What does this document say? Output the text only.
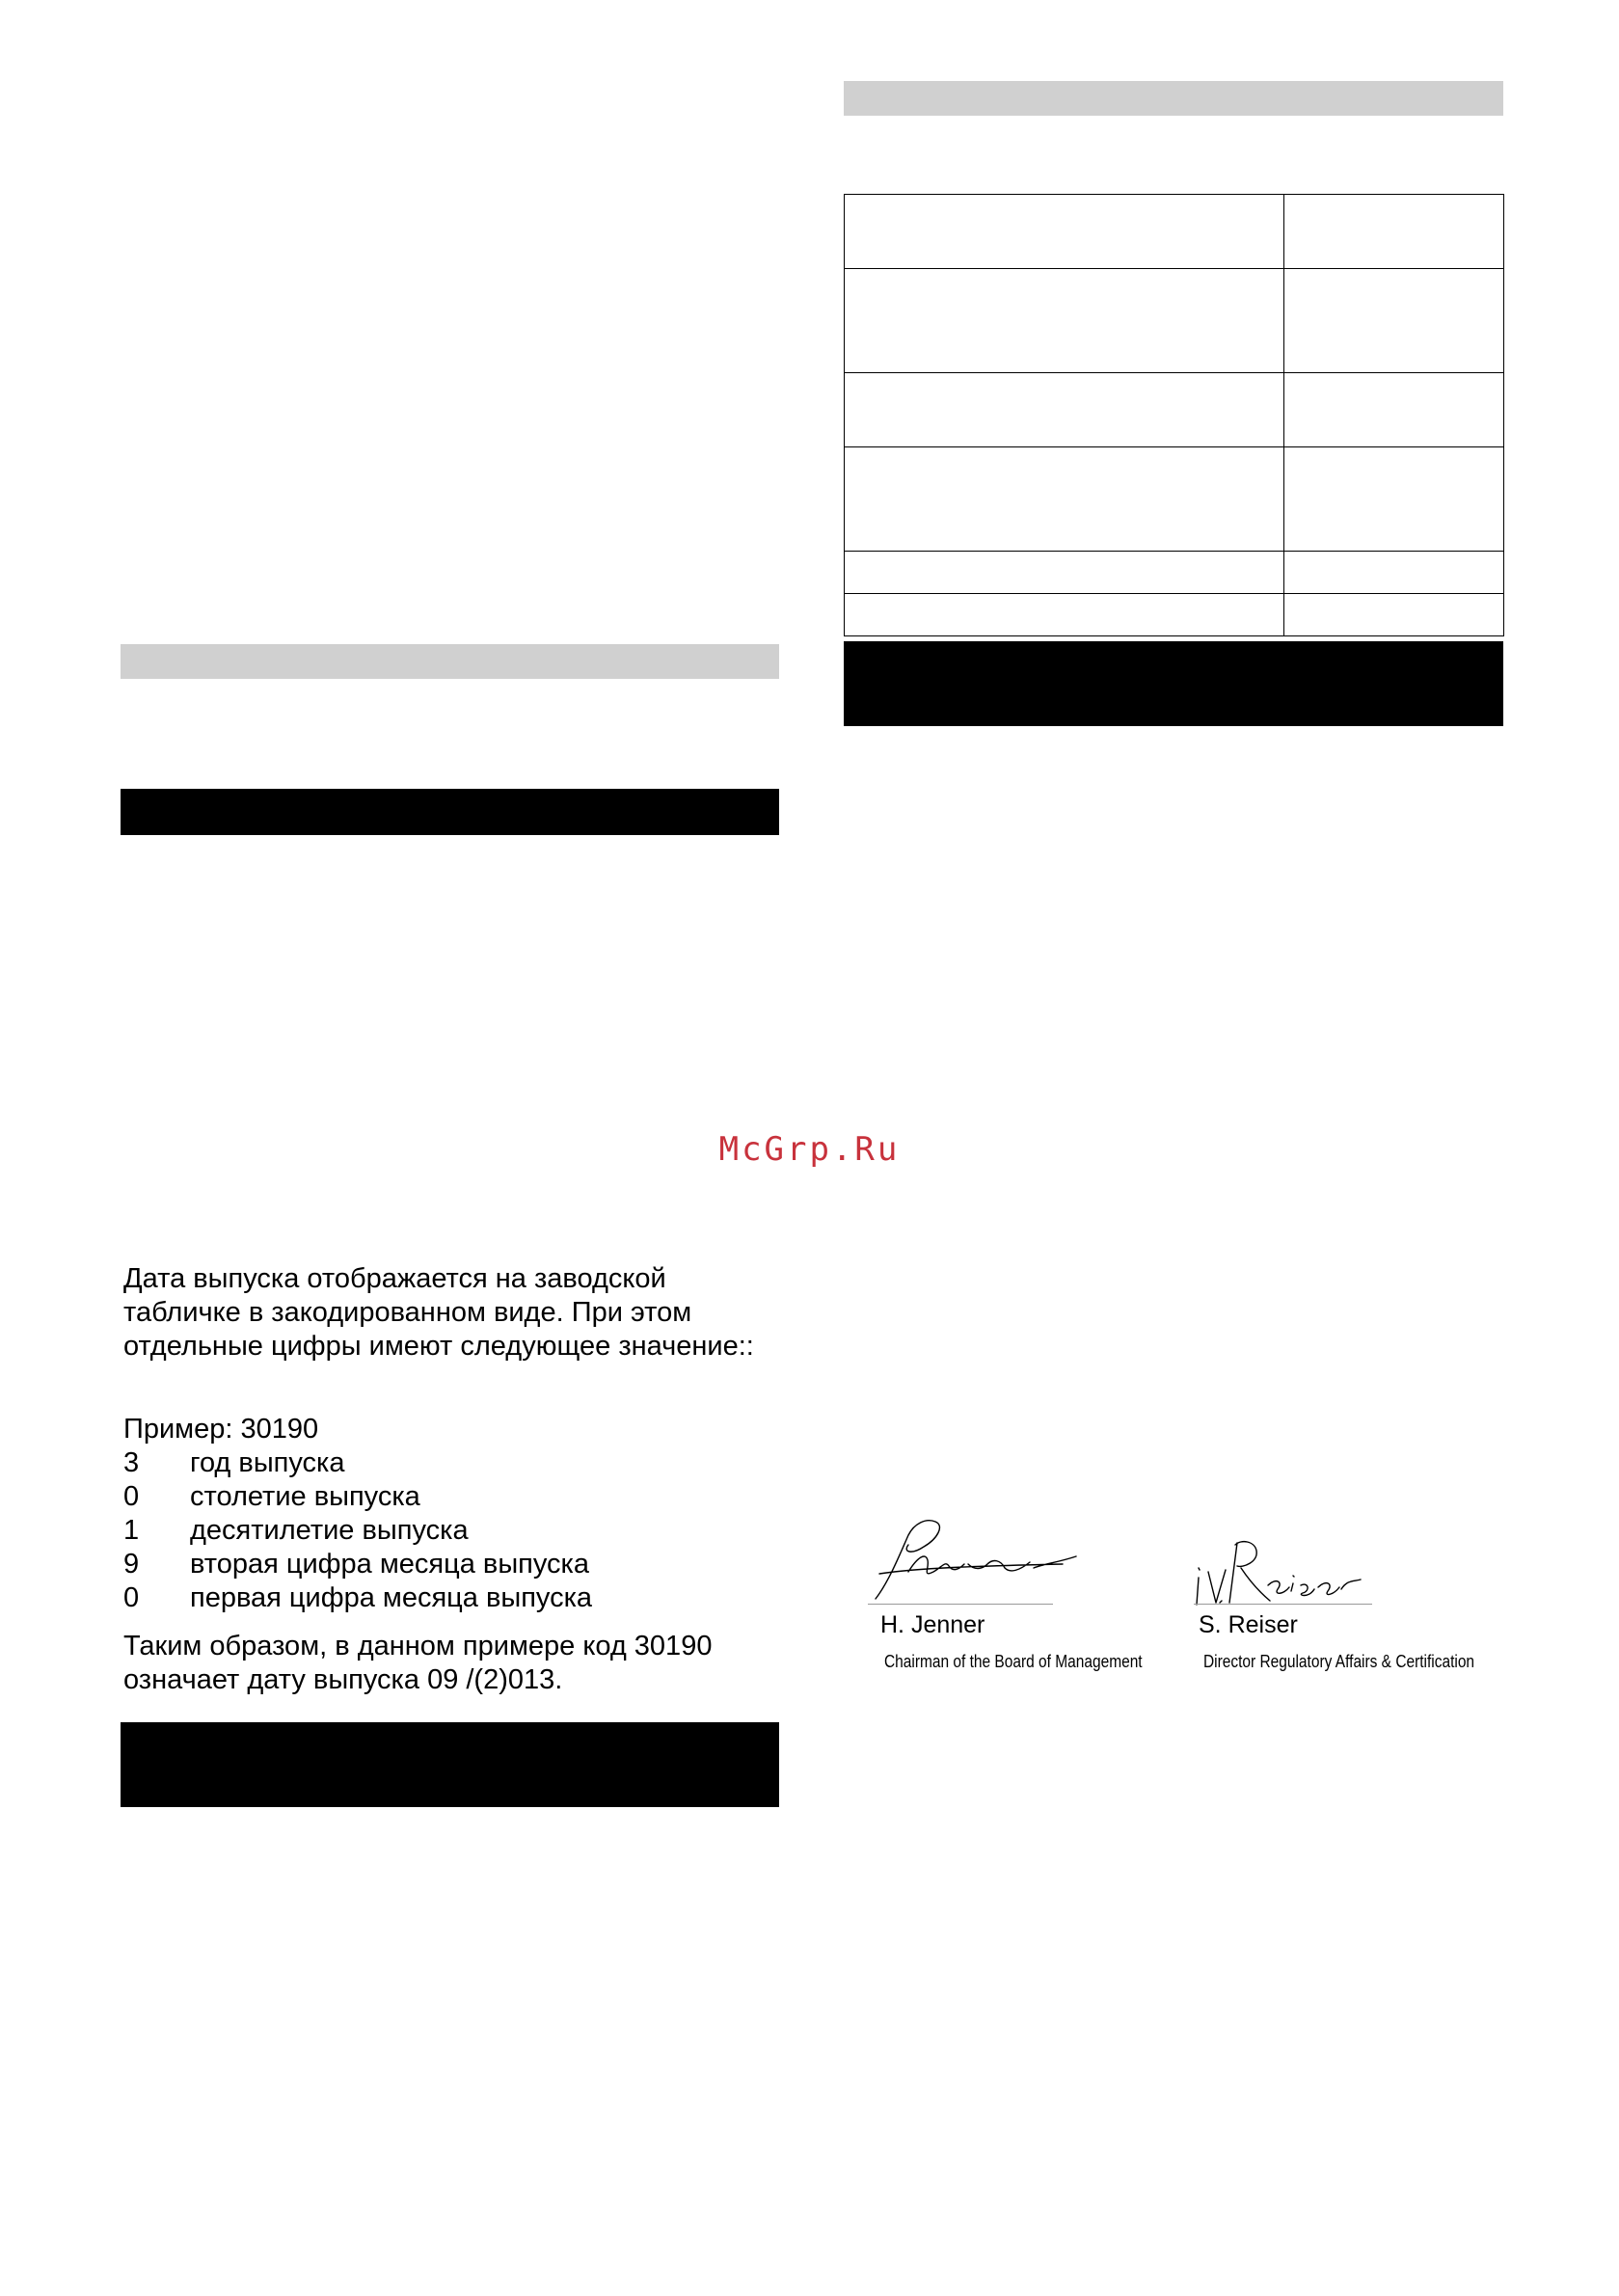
McGrp.Ru
Дата выпуска отображается на заводской табличке в закодированном виде. При этом отдельные цифры имеют следующее значение::
Пример: 30190
3 год выпуска
0 столетие выпуска
1 десятилетие выпуска
9 вторая цифра месяца выпуска
0 первая цифра месяца выпуска
Таким образом, в данном примере код 30190 означает дату выпуска 09 /(2)013.
H. Jenner
Chairman of the Board of Management
S. Reiser
Director Regulatory Affairs & Certification
